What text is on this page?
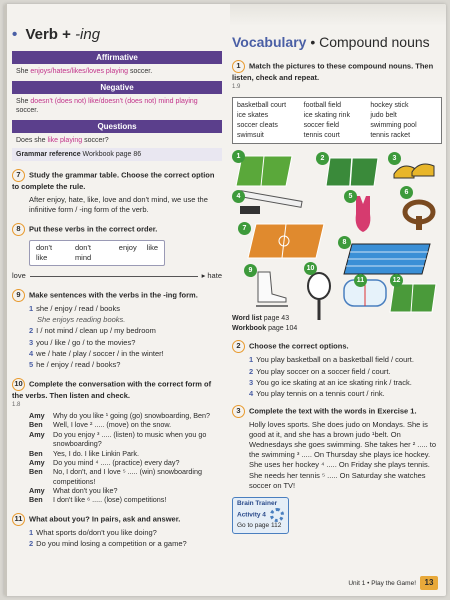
• Verb + -ing
Affirmative
She enjoys/hates/likes/loves playing soccer.
Negative
She doesn't (does not) like/doesn't (does not) mind playing soccer.
Questions
Does she like playing soccer?
Grammar reference Workbook page 86
7 Study the grammar table. Choose the correct option to complete the rule.
After enjoy, hate, like, love and don't mind, we use the infinitive form / -ing form of the verb.
8 Put these verbs in the correct order.
don't like
don't mind
enjoy like
love	▸ hate
9 Make sentences with the verbs in the -ing form.
1 she / enjoy / read / books
She enjoys reading books.
2 I / not mind / clean up / my bedroom
3 you / like / go / to the movies?
4 we / hate / play / soccer / in the winter!
5 he / enjoy / read / books?
10 Complete the conversation with the correct form of the verbs. Then listen and check.
1.8
Amy	Why do you like ¹ going (go) snowboarding, Ben?
Ben	Well, I love ² ..... (move) on the snow.
Amy	Do you enjoy ³ ..... (listen) to music when you go snowboarding?
Ben	Yes, I do. I like Linkin Park.
Amy	Do you mind ⁴ ..... (practice) every day?
Ben	No, I don't, and I love ⁵ ..... (win) snowboarding competitions!
Amy	What don't you like?
Ben	I don't like ⁶ ..... (lose) competitions!
11 What about you? In pairs, ask and answer.
1 What sports do/don't you like doing?
2 Do you mind losing a competition or a game?
Vocabulary • Compound nouns
1 Match the pictures to these compound nouns. Then listen, check and repeat.
1.9
basketball court	football field	hockey stick
ice skates	ice skating rink	judo belt
soccer cleats	soccer field	swimming pool
swimsuit	tennis court	tennis racket
1	2	3
4	5
6
7
8
9	10
11	12
Word list page 43
Workbook page 104
2 Choose the correct options.
1 You play basketball on a basketball field / court.
2 You play soccer on a soccer field / court.
3 You go ice skating at an ice skating rink / track.
4 You play tennis on a tennis court / rink.
3 Complete the text with the words in Exercise 1.
Holly loves sports. She does judo on Mondays. She is good at it, and she has a brown judo ¹belt. On Wednesdays she goes swimming. She takes her ² ..... to the swimming ³ ..... On Thursday she plays ice hockey. She uses her hockey ⁴ ..... On Friday she plays tennis. She needs her tennis ⁵ ..... On Saturday she watches soccer on TV!
Brain Trainer
Activity 4
Go to page 112
Unit 1 • Play the Game!	13
